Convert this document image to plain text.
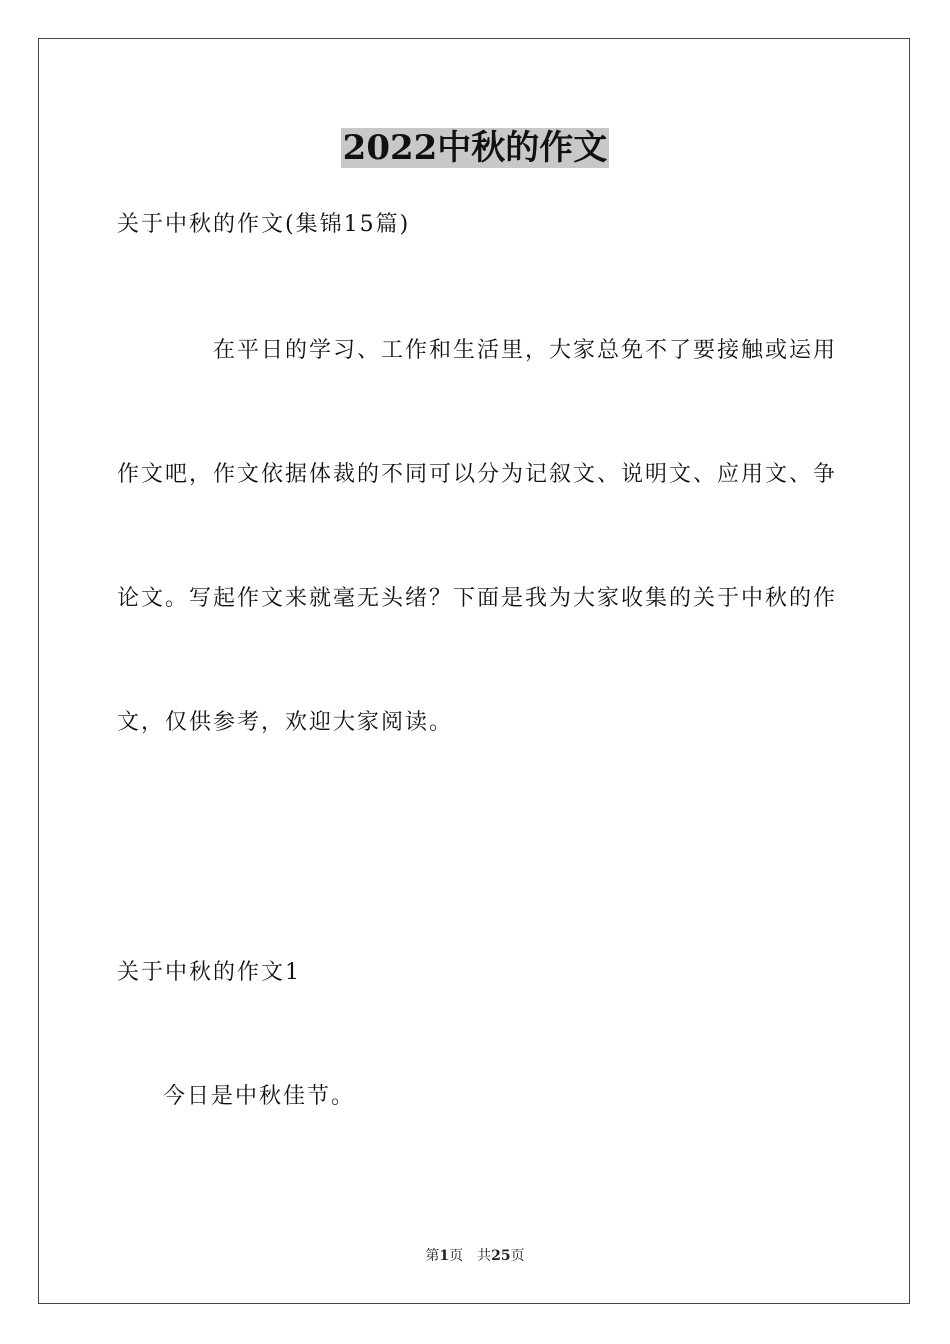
2022中秋的作文
关于中秋的作文(集锦15篇)
在平日的学习、工作和生活里，大家总免不了要接触或运用
作文吧，作文依据体裁的不同可以分为记叙文、说明文、应用文、争
论文。写起作文来就毫无头绪？下面是我为大家收集的关于中秋的作
文，仅供参考，欢迎大家阅读。
关于中秋的作文1
今日是中秋佳节。
第1页 共25页
